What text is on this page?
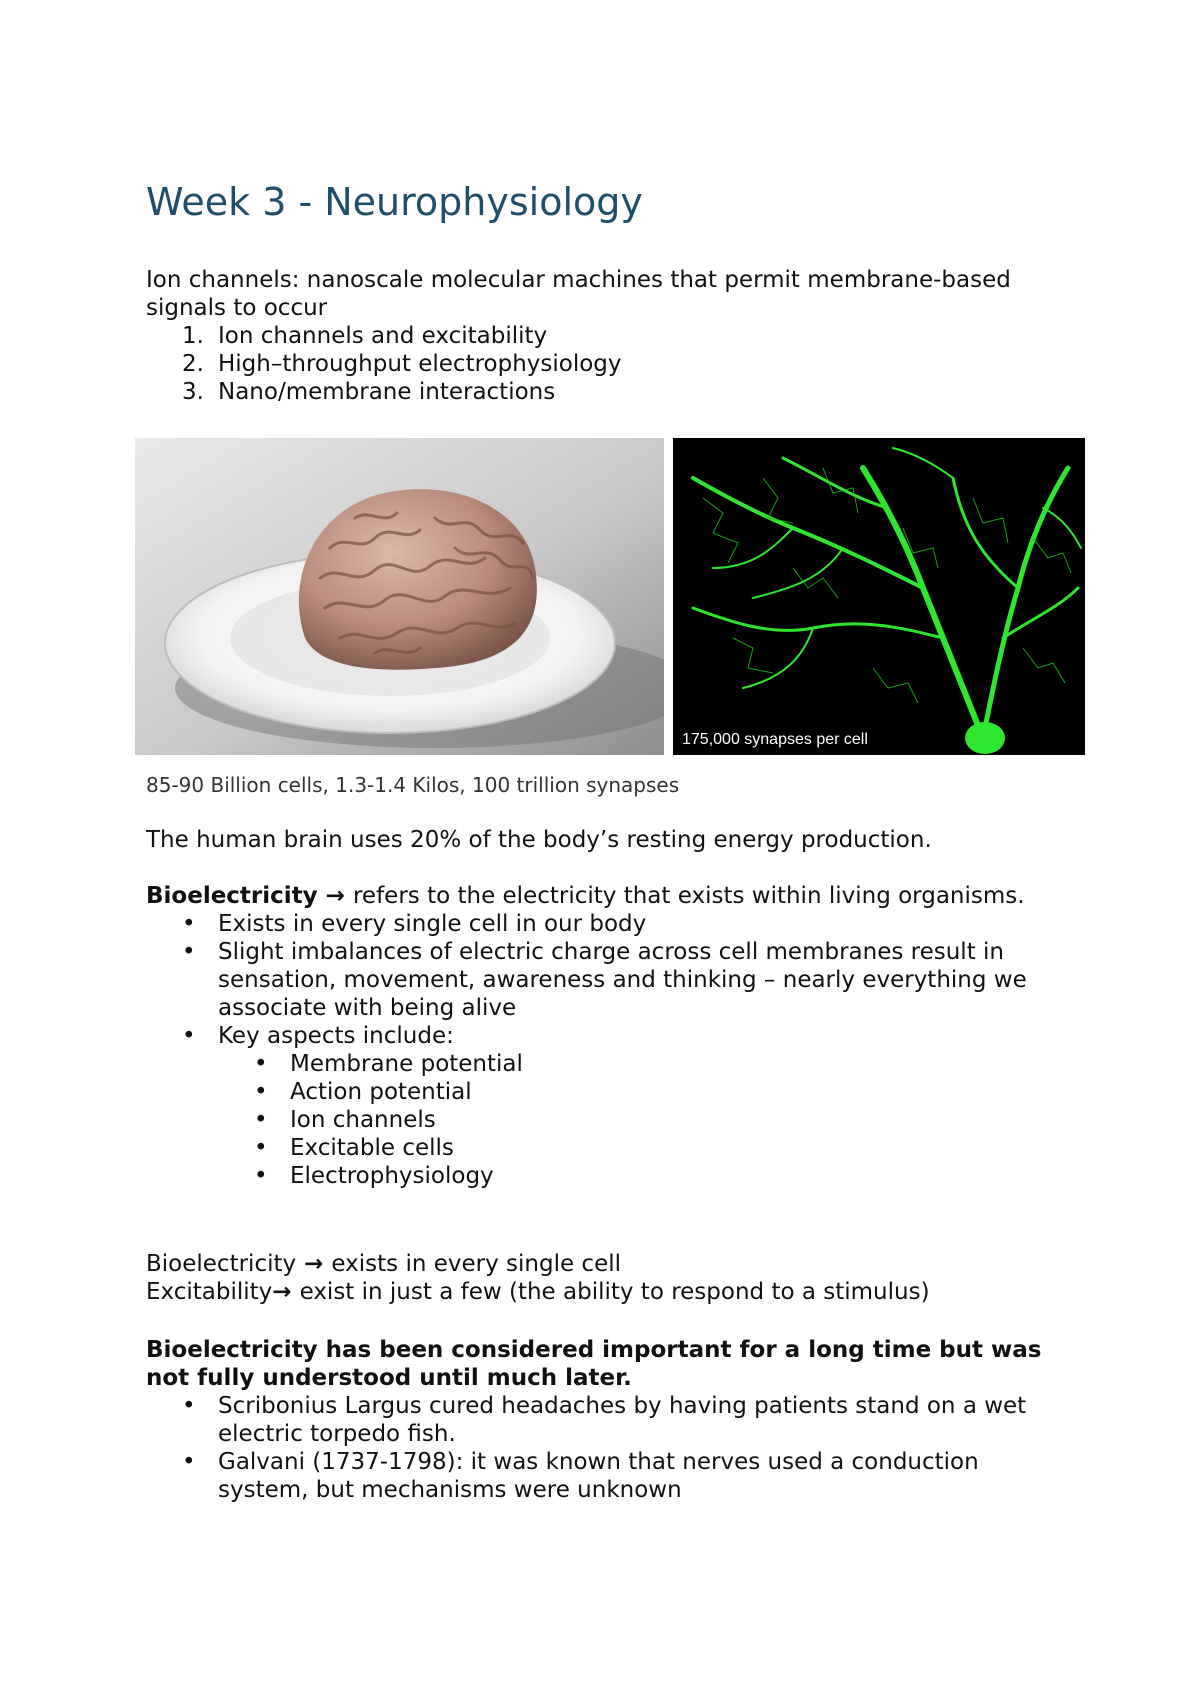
Week 3 - Neurophysiology

Ion channels: nanoscale molecular machines that permit membrane-based signals to occur

1. Ion channels and excitability
2. High–throughput electrophysiology
3. Nano/membrane interactions
175,000 synapses per cell
85-90 Billion cells, 1.3-1.4 Kilos, 100 trillion synapses

The human brain uses 20% of the body’s resting energy production.

Bioelectricity → refers to the electricity that exists within living organisms.

• Exists in every single cell in our body
• Slight imbalances of electric charge across cell membranes result in sensation, movement, awareness and thinking – nearly everything we associate with being alive
• Key aspects include:
• Membrane potential
• Action potential
• Ion channels
• Excitable cells
• Electrophysiology

Bioelectricity → exists in every single cell

Excitability→ exist in just a few (the ability to respond to a stimulus)

Bioelectricity has been considered important for a long time but was not fully understood until much later.

• Scribonius Largus cured headaches by having patients stand on a wet electric torpedo fish.
• Galvani (1737-1798): it was known that nerves used a conduction system, but mechanisms were unknown
